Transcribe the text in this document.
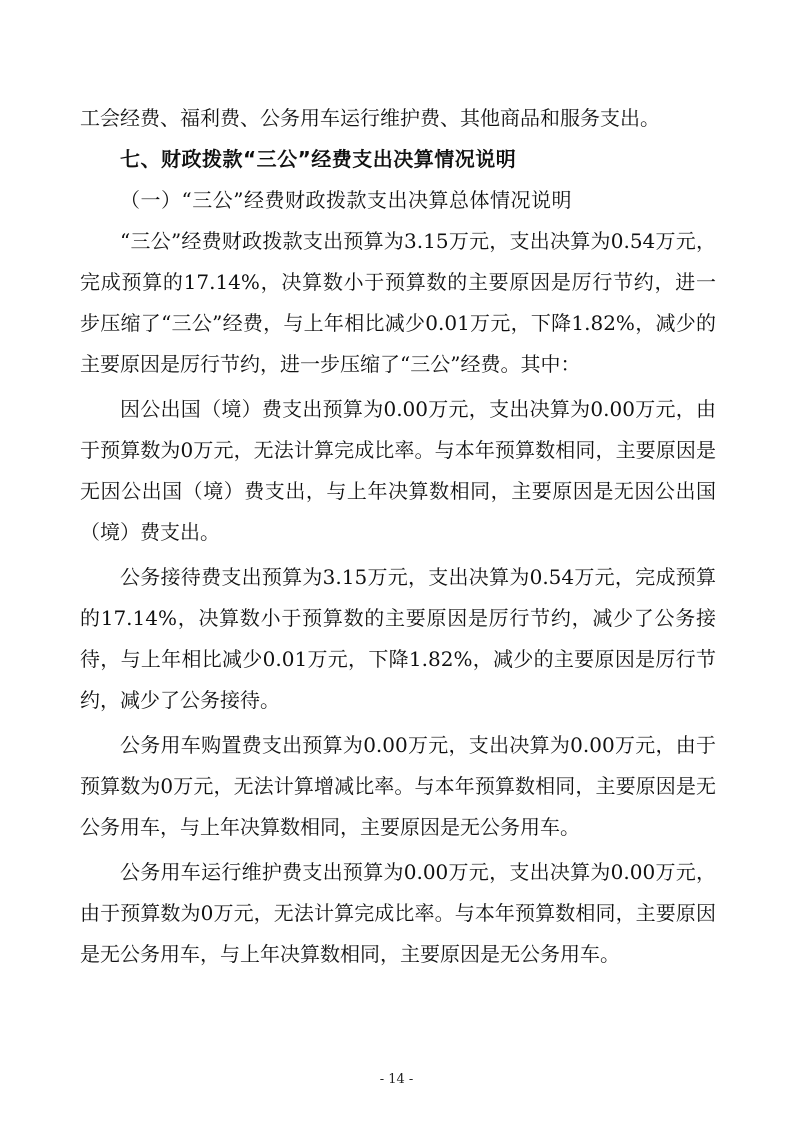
工会经费、福利费、公务用车运行维护费、其他商品和服务支出。

七、财政拨款“三公”经费支出决算情况说明

（一）“三公”经费财政拨款支出决算总体情况说明

“三公”经费财政拨款支出预算为3.15万元，支出决算为0.54万元，完成预算的17.14%，决算数小于预算数的主要原因是厉行节约，进一步压缩了“三公”经费，与上年相比减少0.01万元，下降1.82%，减少的主要原因是厉行节约，进一步压缩了“三公”经费。其中：

因公出国（境）费支出预算为0.00万元，支出决算为0.00万元，由于预算数为0万元，无法计算完成比率。与本年预算数相同，主要原因是无因公出国（境）费支出，与上年决算数相同，主要原因是无因公出国（境）费支出。

公务接待费支出预算为3.15万元，支出决算为0.54万元，完成预算的17.14%，决算数小于预算数的主要原因是厉行节约，减少了公务接待，与上年相比减少0.01万元，下降1.82%，减少的主要原因是厉行节约，减少了公务接待。

公务用车购置费支出预算为0.00万元，支出决算为0.00万元，由于预算数为0万元，无法计算增减比率。与本年预算数相同，主要原因是无公务用车，与上年决算数相同，主要原因是无公务用车。

公务用车运行维护费支出预算为0.00万元，支出决算为0.00万元，由于预算数为0万元，无法计算完成比率。与本年预算数相同，主要原因是无公务用车，与上年决算数相同，主要原因是无公务用车。

- 14 -
